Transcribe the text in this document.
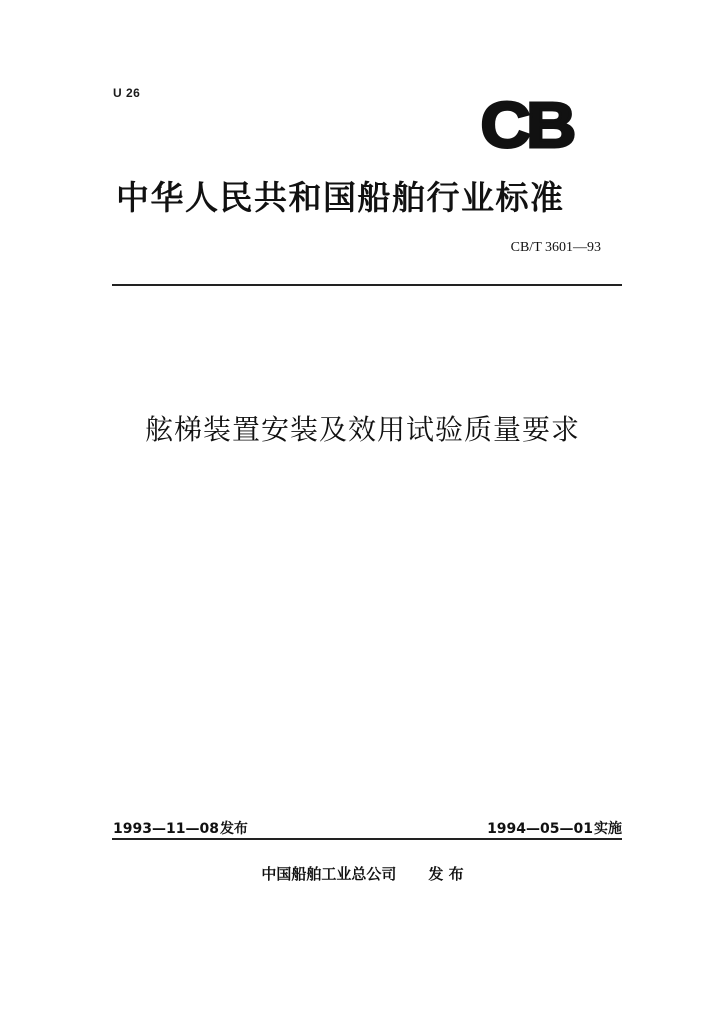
U 26	CB
中华人民共和国船舶行业标准
CB/T 3601—93
舷梯装置安装及效用试验质量要求
1993—11—08发布	1994—05—01实施
中国船舶工业总公司 发 布
